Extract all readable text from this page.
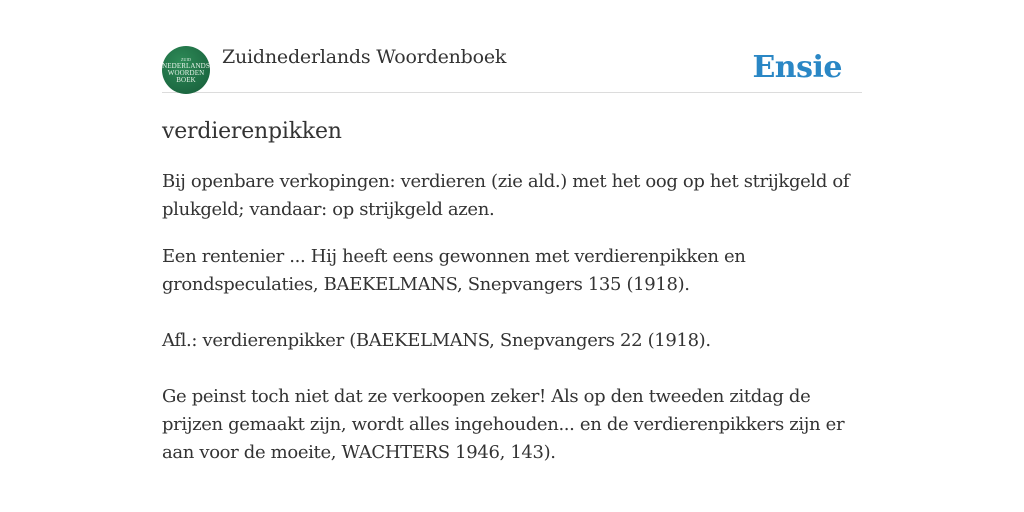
ZUID
NEDERLANDS
WOORDEN
BOEK
Zuidnederlands Woordenboek	Ensie
verdierenpikken

Bij openbare verkopingen: verdieren (zie ald.) met het oog op het strijkgeld of plukgeld; vandaar: op strijkgeld azen.

Een rentenier ... Hij heeft eens gewonnen met verdierenpikken en grondspeculaties, BAEKELMANS, Snepvangers 135 (1918).

Afl.: verdierenpikker (BAEKELMANS, Snepvangers 22 (1918).

Ge peinst toch niet dat ze verkoopen zeker! Als op den tweeden zitdag de prijzen gemaakt zijn, wordt alles ingehouden... en de verdierenpikkers zijn er aan voor de moeite, WACHTERS 1946, 143).
